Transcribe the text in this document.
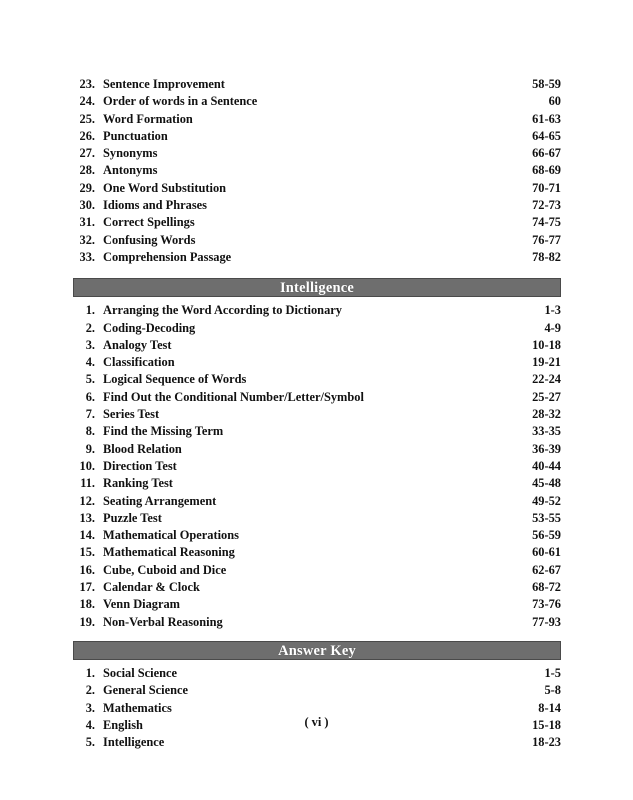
23. Sentence Improvement	58-59
24. Order of words in a Sentence	60
25. Word Formation	61-63
26. Punctuation	64-65
27. Synonyms	66-67
28. Antonyms	68-69
29. One Word Substitution	70-71
30. Idioms and Phrases	72-73
31. Correct Spellings	74-75
32. Confusing Words	76-77
33. Comprehension Passage	78-82
Intelligence
1. Arranging the Word According to Dictionary	1-3
2. Coding-Decoding	4-9
3. Analogy Test	10-18
4. Classification	19-21
5. Logical Sequence of Words	22-24
6. Find Out the Conditional Number/Letter/Symbol	25-27
7. Series Test	28-32
8. Find the Missing Term	33-35
9. Blood Relation	36-39
10. Direction Test	40-44
11. Ranking Test	45-48
12. Seating Arrangement	49-52
13. Puzzle Test	53-55
14. Mathematical Operations	56-59
15. Mathematical Reasoning	60-61
16. Cube, Cuboid and Dice	62-67
17. Calendar & Clock	68-72
18. Venn Diagram	73-76
19. Non-Verbal Reasoning	77-93
Answer Key
1. Social Science	1-5
2. General Science	5-8
3. Mathematics	8-14
4. English	15-18
5. Intelligence	18-23
( vi )
